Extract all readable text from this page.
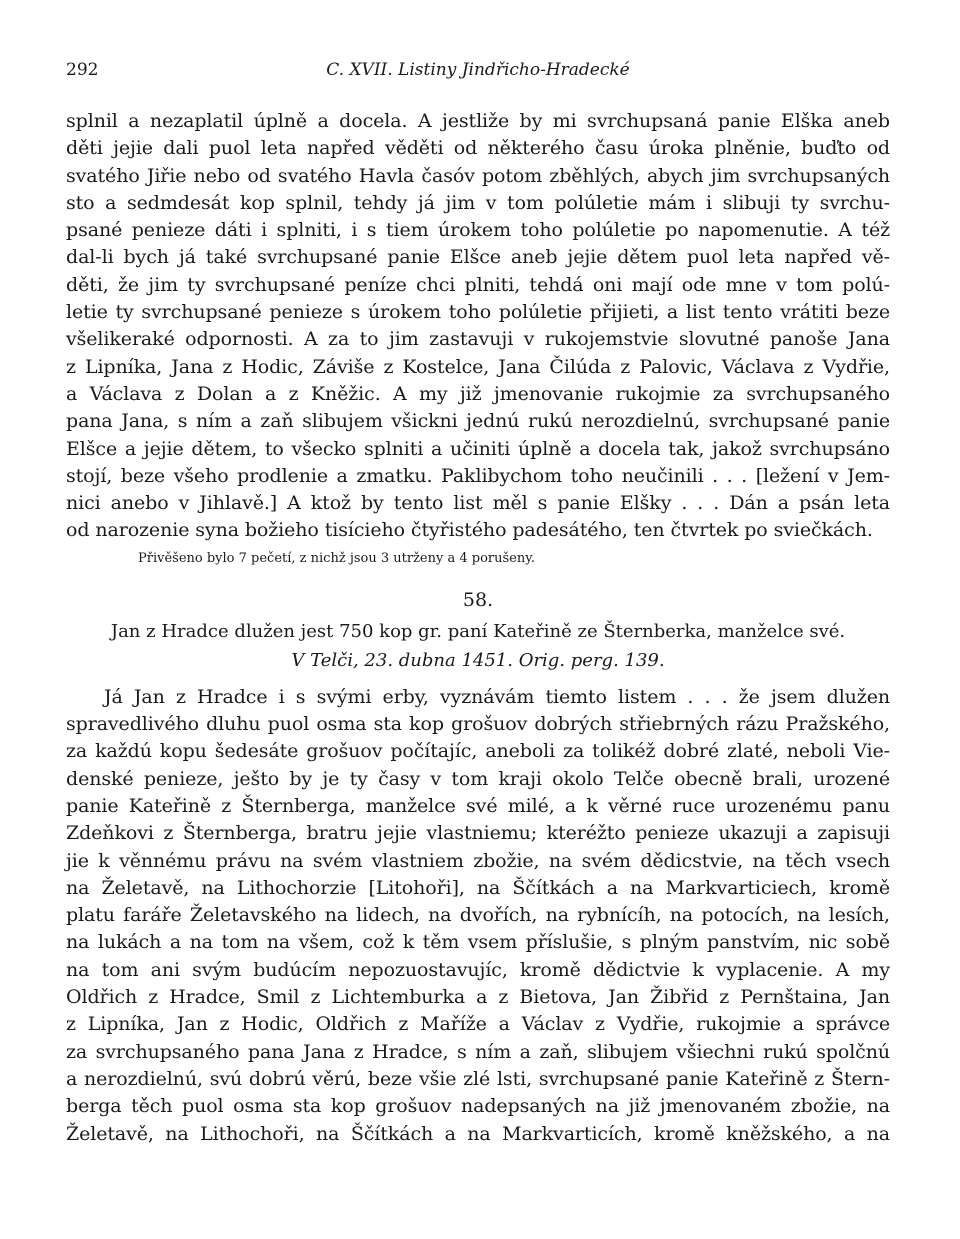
292	C. XVII. Listiny Jindřicho-Hradecké
splnil a nezaplatil úplně a docela. A jestliže by mi svrchupsaná panie Elška aneb
děti jejie dali puol leta napřed věděti od některého času úroka plněnie, buďto od
svatého Jiřie nebo od svatého Havla časóv potom zběhlých, abych jim svrchupsaných
sto a sedmdesát kop splnil, tehdy já jim v tom polúletie mám i slibuji ty svrchu-
psané penieze dáti i splniti, i s tiem úrokem toho polúletie po napomenutie. A též
dal-li bych já také svrchupsané panie Elšce aneb jejie dětem puol leta napřed vě-
děti, že jim ty svrchupsané peníze chci plniti, tehdá oni mají ode mne v tom polú-
letie ty svrchupsané penieze s úrokem toho polúletie přijieti, a list tento vrátiti beze
všelikeraké odpornosti. A za to jim zastavuji v rukojemstvie slovutné panoše Jana
z Lipníka, Jana z Hodic, Záviše z Kostelce, Jana Čilúda z Palovic, Václava z Vydřie,
a Václava z Dolan a z Kněžic. A my již jmenovanie rukojmie za svrchupsaného
pana Jana, s ním a zaň slibujem všickni jednú rukú nerozdielnú, svrchupsané panie
Elšce a jejie dětem, to všecko splniti a učiniti úplně a docela tak, jakož svrchupsáno
stojí, beze všeho prodlenie a zmatku. Paklibychom toho neučinili . . . [ležení v Jem-
nici anebo v Jihlavě.] A ktož by tento list měl s panie Elšky . . . Dán a psán leta
od narozenie syna božieho tisícieho čtyřistého padesátého, ten čtvrtek po sviečkách.
Přivěšeno bylo 7 pečetí, z nichž jsou 3 utrženy a 4 porušeny.
58.
Jan z Hradce dlužen jest 750 kop gr. paní Kateřině ze Šternberka, manželce své.
V Telči, 23. dubna 1451. Orig. perg. 139.
Já Jan z Hradce i s svými erby, vyznávám tiemto listem . . . že jsem dlužen
spravedlivého dluhu puol osma sta kop grošuov dobrých střiebrných rázu Pražského,
za každú kopu šedesáte grošuov počítajíc, aneboli za tolikéž dobré zlaté, neboli Vie-
denské penieze, ješto by je ty časy v tom kraji okolo Telče obecně brali, urozené
panie Kateřině z Šternberga, manželce své milé, a k věrné ruce urozenému panu
Zdeňkovi z Šternberga, bratru jejie vlastniemu; kteréžto penieze ukazuji a zapisuji
jie k věnnému právu na svém vlastniem zbožie, na svém dědicstvie, na těch vsech
na Želetavě, na Lithochorzie [Litohoři], na Ščítkách a na Markvarticiech, kromě
platu faráře Želetavského na lidech, na dvořích, na rybnícíh, na potocích, na lesích,
na lukách a na tom na všem, což k těm vsem příslušie, s plným panstvím, nic sobě
na tom ani svým budúcím nepozuostavujíc, kromě dědictvie k vyplacenie. A my
Oldřich z Hradce, Smil z Lichtemburka a z Bietova, Jan Žibřid z Pernštaina, Jan
z Lipníka, Jan z Hodic, Oldřich z Mařížе a Václav z Vydřie, rukojmie a správce
za svrchupsaného pana Jana z Hradce, s ním a zaň, slibujem všiechni rukú spolčnú
a nerozdielnú, svú dobrú věrú, beze všie zlé lsti, svrchupsané panie Kateřině z Štern-
berga těch puol osma sta kop grošuov nadepsaných na již jmenovaném zbožie, na
Želetavě, na Lithochoři, na Ščítkách a na Markvarticích, kromě kněžského, a na
